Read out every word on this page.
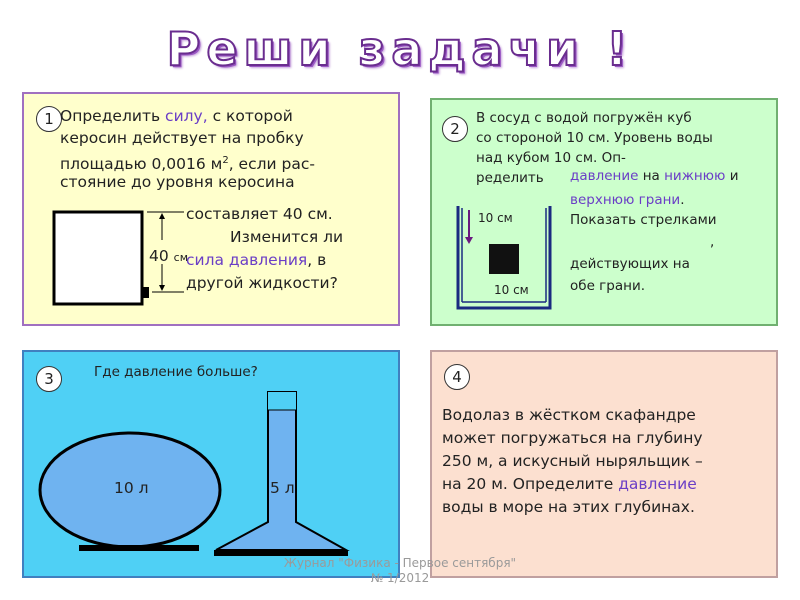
Реши задачи !
1 Определить силу, с которой
керосин действует на пробку
площадью 0,0016 $м^2$, если рас-
стояние до уровня керосина
составляет 40 см.
Изменится ли
сила давления, в
другой жидкости?
40 см
2
В сосуд с водой погружён куб
со стороной 10 см. Уровень воды
над кубом 10 см. Оп-
ределить давление на нижнюю и
верхнюю грани.
Показать стрелками
,
действующих на
обе грани.
10 см
10 см
3	Где давление больше?
10 л	5 л
4
Водолаз в жёстком скафандре
может погружаться на глубину
250 м, а искусный ныряльщик –
на 20 м. Определите давление
воды в море на этих глубинах.
Журнал "Физика - Первое сентября"
№ 1/2012
